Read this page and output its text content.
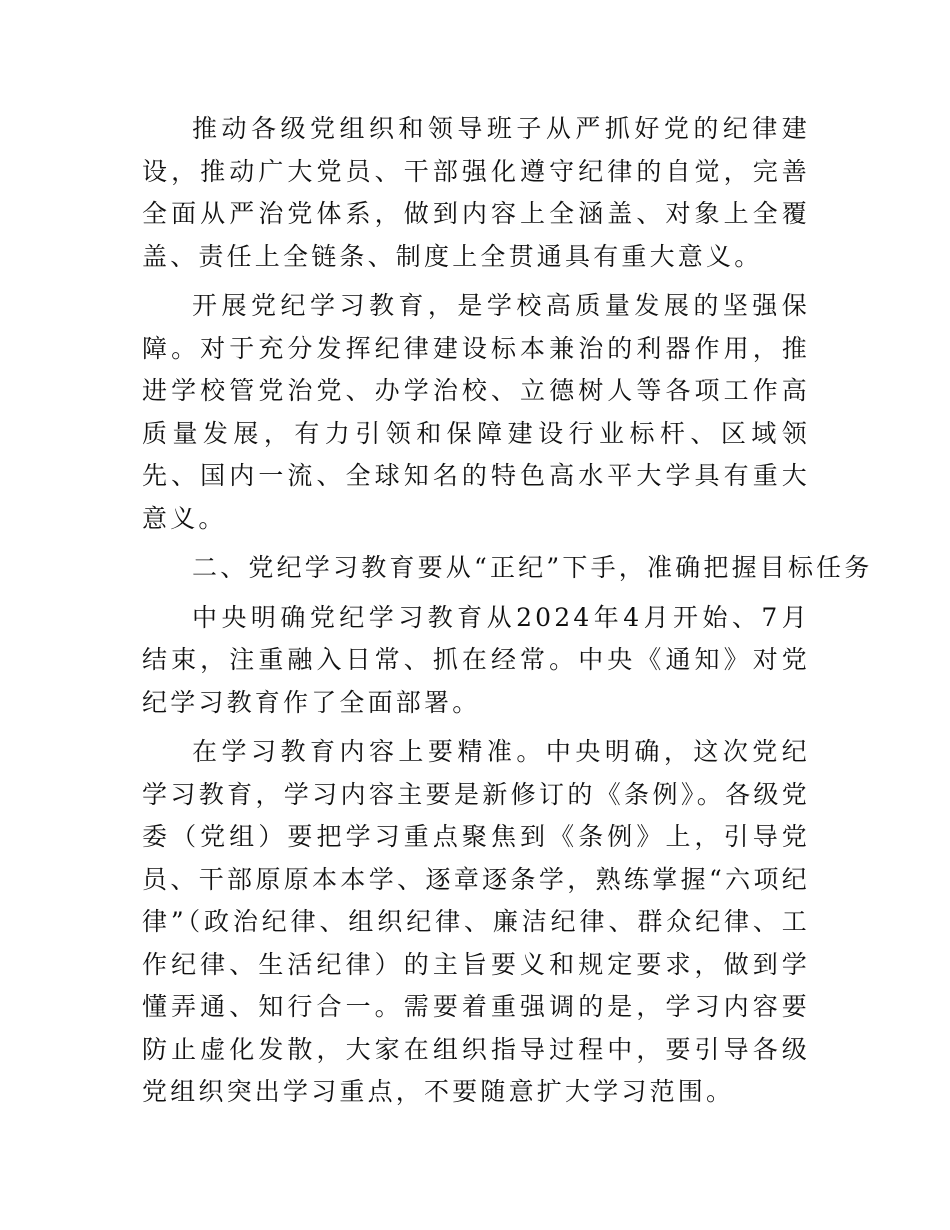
推动各级党组织和领导班子从严抓好党的纪律建设，推动广大党员、干部强化遵守纪律的自觉，完善全面从严治党体系，做到内容上全涵盖、对象上全覆盖、责任上全链条、制度上全贯通具有重大意义。

开展党纪学习教育，是学校高质量发展的坚强保障。对于充分发挥纪律建设标本兼治的利器作用，推进学校管党治党、办学治校、立德树人等各项工作高质量发展，有力引领和保障建设行业标杆、区域领先、国内一流、全球知名的特色高水平大学具有重大意义。

二、党纪学习教育要从“正纪”下手，准确把握目标任务

中央明确党纪学习教育从2024年4月开始、7月结束，注重融入日常、抓在经常。中央《通知》对党纪学习教育作了全面部署。

在学习教育内容上要精准。中央明确，这次党纪学习教育，学习内容主要是新修订的《条例》。各级党委（党组）要把学习重点聚焦到《条例》上，引导党员、干部原原本本学、逐章逐条学，熟练掌握“六项纪律”（政治纪律、组织纪律、廉洁纪律、群众纪律、工作纪律、生活纪律）的主旨要义和规定要求，做到学懂弄通、知行合一。需要着重强调的是，学习内容要防止虚化发散，大家在组织指导过程中，要引导各级党组织突出学习重点，不要随意扩大学习范围。
